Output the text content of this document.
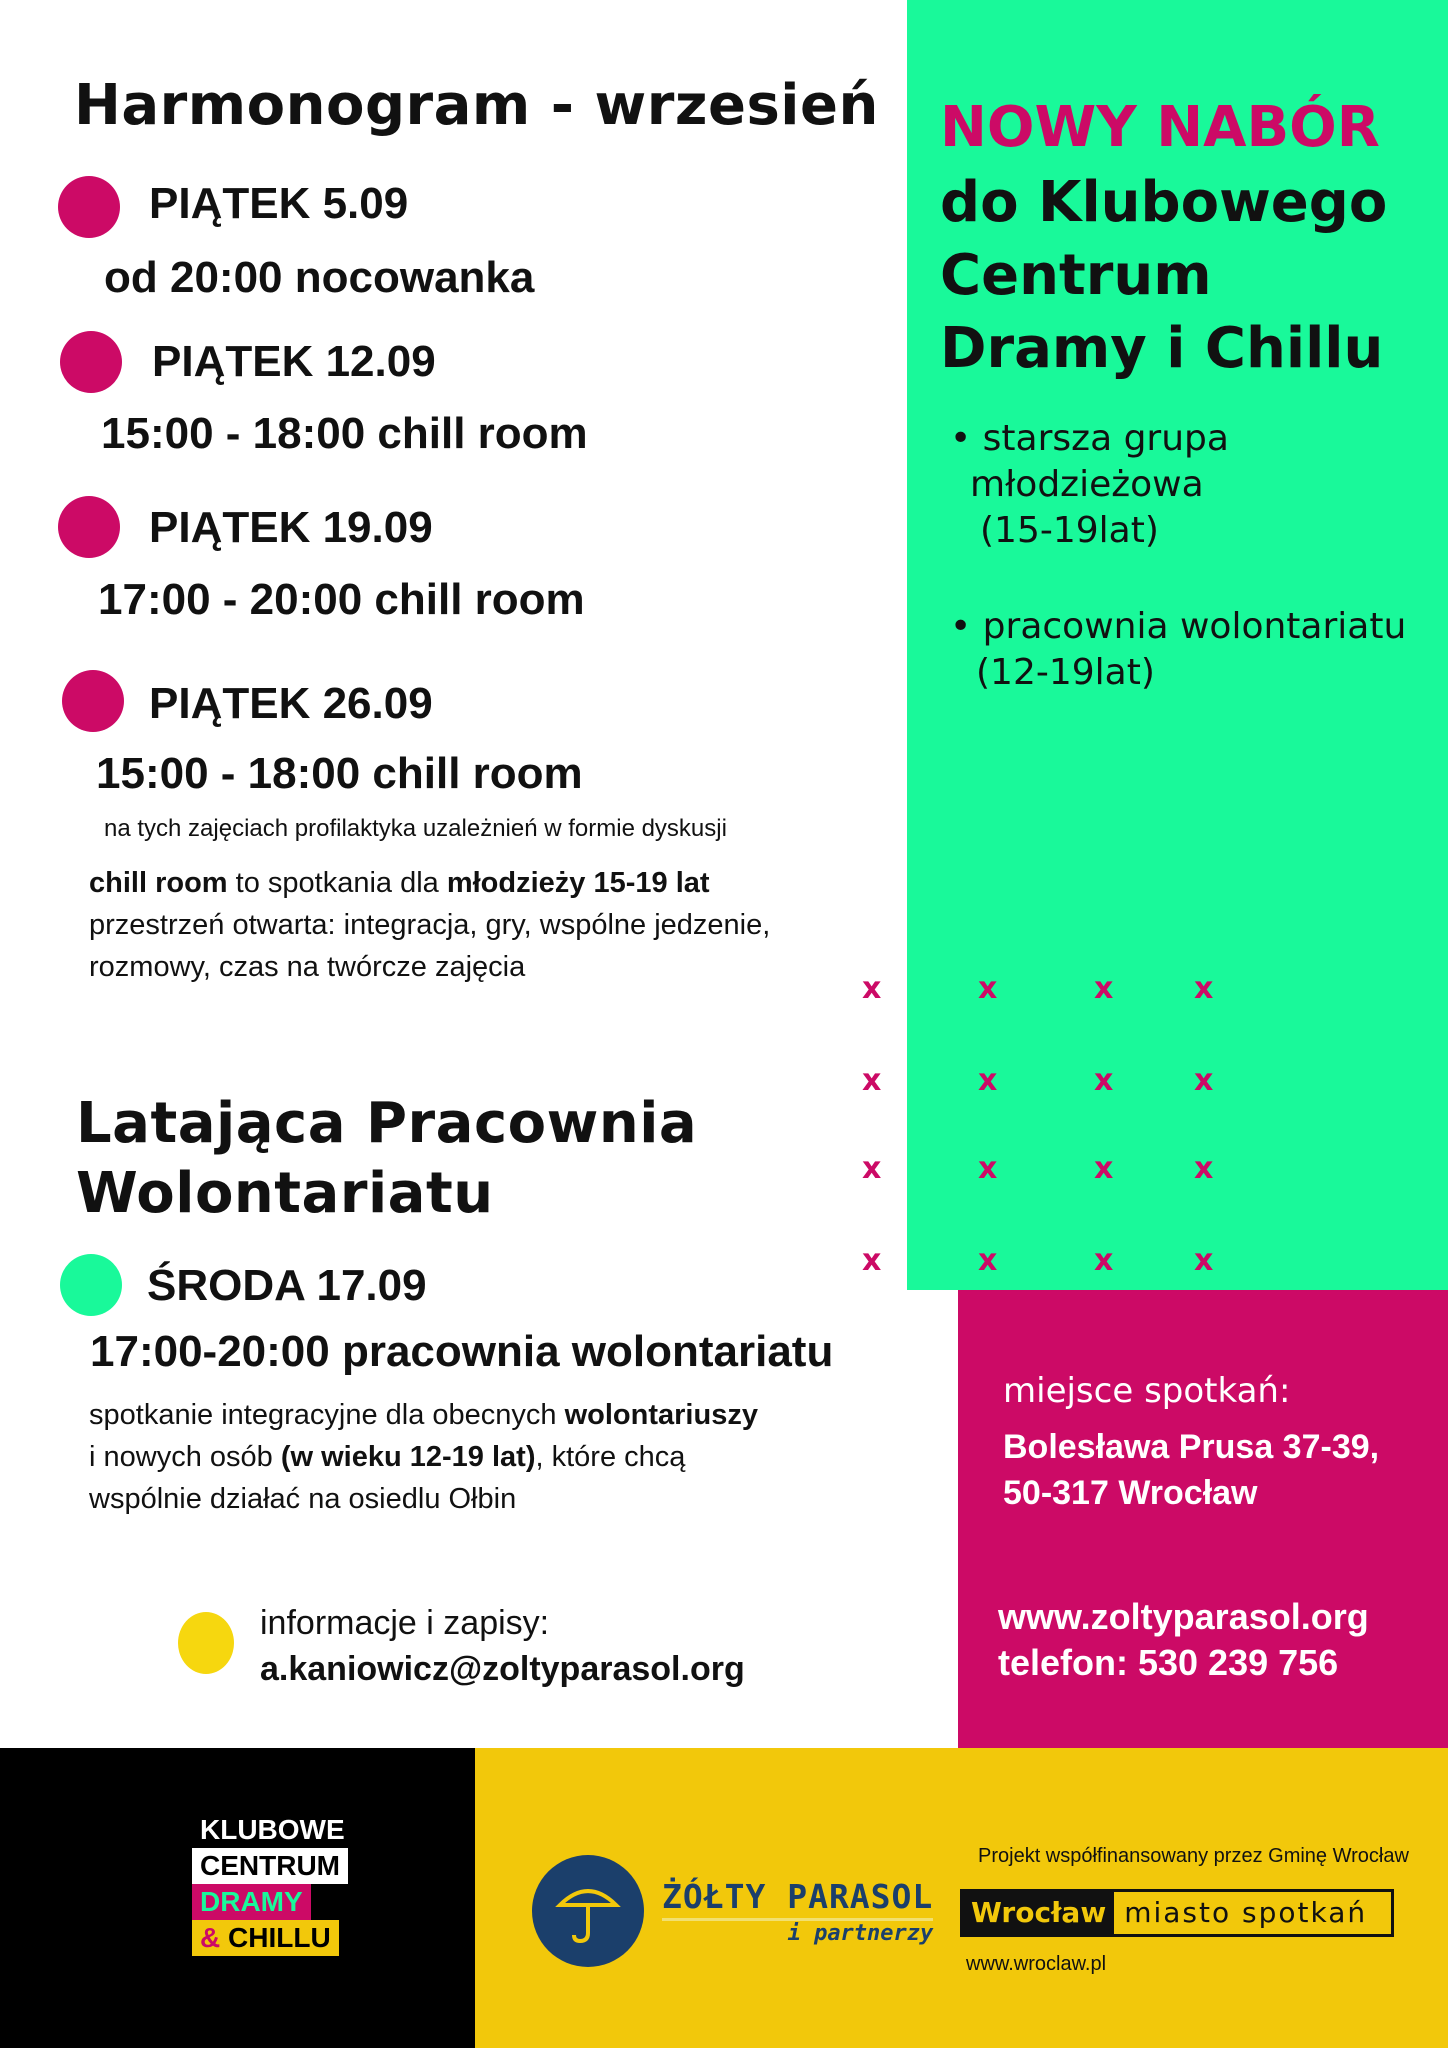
Harmonogram - wrzesień
PIĄTEK 5.09
od 20:00 nocowanka
PIĄTEK 12.09
15:00 - 18:00 chill room
PIĄTEK 19.09
17:00 - 20:00 chill room
PIĄTEK 26.09
15:00 - 18:00 chill room
na tych zajęciach profilaktyka uzależnień w formie dyskusji
chill room to spotkania dla młodzieży 15-19 lat
przestrzeń otwarta: integracja, gry, wspólne jedzenie,
rozmowy, czas na twórcze zajęcia
Latająca Pracownia
Wolontariatu
ŚRODA 17.09
17:00-20:00 pracownia wolontariatu
spotkanie integracyjne dla obecnych wolontariuszy
i nowych osób (w wieku 12-19 lat), które chcą
wspólnie działać na osiedlu Ołbin
informacje i zapisy:
a.kaniowicz@zoltyparasol.org
NOWY NABÓR
do Klubowego
Centrum
Dramy i Chillu
• starsza grupa
młodzieżowa
(15-19lat)
• pracownia wolontariatu
(12-19lat)
x	x	x	x
x	x	x	x
x	x	x	x
x	x	x	x
miejsce spotkań:
Bolesława Prusa 37-39,
50-317 Wrocław
www.zoltyparasol.org
telefon: 530 239 756
KLUBOWE
CENTRUM
DRAMY
& CHILLU
ŻÓŁTY PARASOL
i partnerzy
Projekt współfinansowany przez Gminę Wrocław
Wrocław miasto spotkań
www.wroclaw.pl
